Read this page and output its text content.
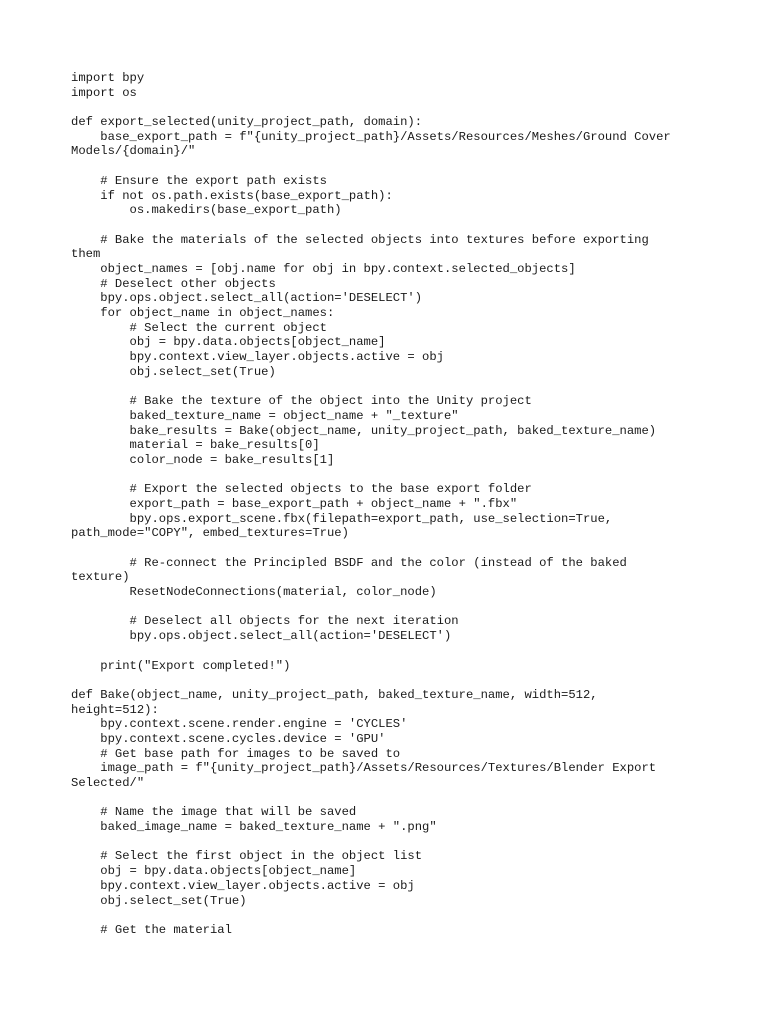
import bpy
import os

def export_selected(unity_project_path, domain):
base_export_path = f"{unity_project_path}/Assets/Resources/Meshes/Ground Cover
Models/{domain}/"

# Ensure the export path exists
if not os.path.exists(base_export_path):
os.makedirs(base_export_path)

# Bake the materials of the selected objects into textures before exporting
them
object_names = [obj.name for obj in bpy.context.selected_objects]
# Deselect other objects
bpy.ops.object.select_all(action='DESELECT')
for object_name in object_names:
# Select the current object
obj = bpy.data.objects[object_name]
bpy.context.view_layer.objects.active = obj
obj.select_set(True)

# Bake the texture of the object into the Unity project
baked_texture_name = object_name + "_texture"
bake_results = Bake(object_name, unity_project_path, baked_texture_name)
material = bake_results[0]
color_node = bake_results[1]

# Export the selected objects to the base export folder
export_path = base_export_path + object_name + ".fbx"
bpy.ops.export_scene.fbx(filepath=export_path, use_selection=True,
path_mode="COPY", embed_textures=True)

# Re-connect the Principled BSDF and the color (instead of the baked
texture)
ResetNodeConnections(material, color_node)

# Deselect all objects for the next iteration
bpy.ops.object.select_all(action='DESELECT')

print("Export completed!")

def Bake(object_name, unity_project_path, baked_texture_name, width=512,
height=512):
bpy.context.scene.render.engine = 'CYCLES'
bpy.context.scene.cycles.device = 'GPU'
# Get base path for images to be saved to
image_path = f"{unity_project_path}/Assets/Resources/Textures/Blender Export
Selected/"

# Name the image that will be saved
baked_image_name = baked_texture_name + ".png"

# Select the first object in the object list
obj = bpy.data.objects[object_name]
bpy.context.view_layer.objects.active = obj
obj.select_set(True)

# Get the material
